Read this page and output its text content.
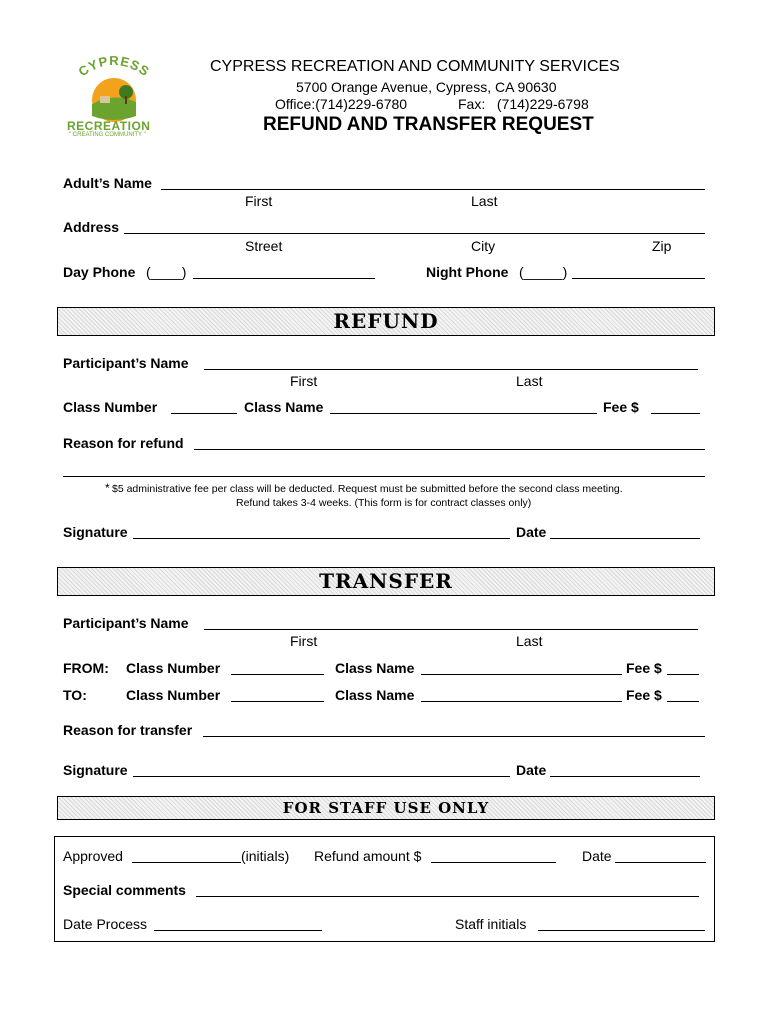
CYPRESS
RECREATION
" CREATING COMMUNITY "
CYPRESS RECREATION AND COMMUNITY SERVICES
5700 Orange Avenue, Cypress, CA 90630
Office:(714)229-6780	Fax:   (714)229-6798
REFUND AND TRANSFER REQUEST
Adult’s Name
First	Last
Address
Street	City	Zip
Day Phone (____)	Night Phone (_____)
REFUND
Participant’s Name
First	Last
Class Number	Class Name	Fee $
Reason for refund
* $5 administrative fee per class will be deducted. Request must be submitted before the second class meeting.
Refund takes 3-4 weeks. (This form is for contract classes only)
Signature	Date
TRANSFER
Participant’s Name
First	Last
FROM: Class Number	Class Name	Fee $
TO:	Class Number	Class Name	Fee $
Reason for transfer
Signature	Date
FOR STAFF USE ONLY
Approved	(initials) Refund amount $	Date
Special comments
Date Process	Staff initials
